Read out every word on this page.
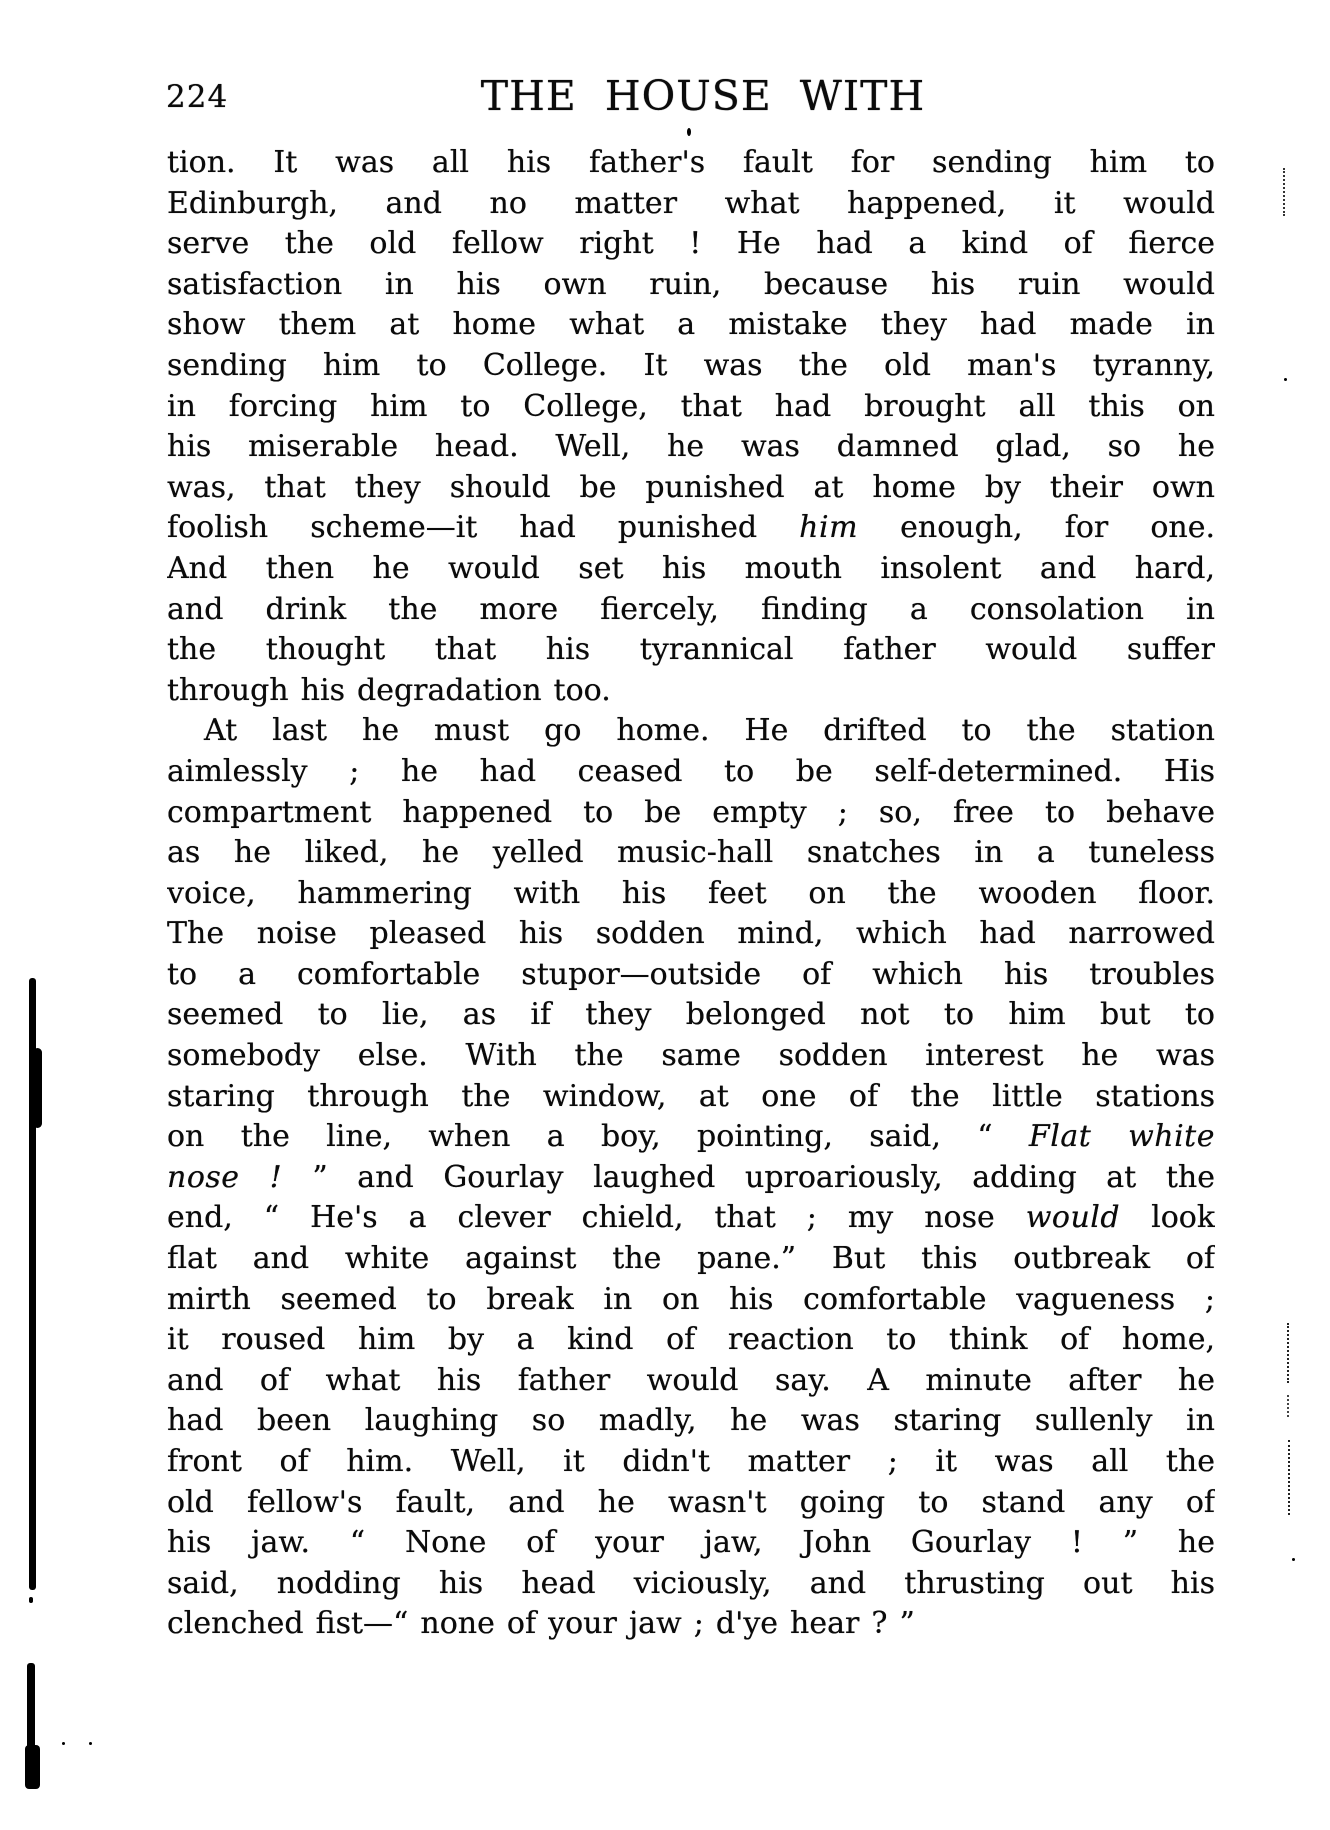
224	THE HOUSE WITH
tion. It was all his father's fault for sending him to
Edinburgh, and no matter what happened, it would
serve the old fellow right ! He had a kind of fierce
satisfaction in his own ruin, because his ruin would
show them at home what a mistake they had made in
sending him to College. It was the old man's tyranny,
in forcing him to College, that had brought all this on
his miserable head. Well, he was damned glad, so he
was, that they should be punished at home by their own
foolish scheme—it had punished him enough, for one.
And then he would set his mouth insolent and hard,
and drink the more fiercely, finding a consolation in
the thought that his tyrannical father would suffer
through his degradation too.
At last he must go home. He drifted to the station
aimlessly ; he had ceased to be self-determined. His
compartment happened to be empty ; so, free to behave
as he liked, he yelled music-hall snatches in a tuneless
voice, hammering with his feet on the wooden floor.
The noise pleased his sodden mind, which had narrowed
to a comfortable stupor—outside of which his troubles
seemed to lie, as if they belonged not to him but to
somebody else. With the same sodden interest he was
staring through the window, at one of the little stations
on the line, when a boy, pointing, said, “ Flat white
nose ! ” and Gourlay laughed uproariously, adding at the
end, “ He's a clever chield, that ; my nose would look
flat and white against the pane.” But this outbreak of
mirth seemed to break in on his comfortable vagueness ;
it roused him by a kind of reaction to think of home,
and of what his father would say. A minute after he
had been laughing so madly, he was staring sullenly in
front of him. Well, it didn't matter ; it was all the
old fellow's fault, and he wasn't going to stand any of
his jaw. “ None of your jaw, John Gourlay ! ” he
said, nodding his head viciously, and thrusting out his
clenched fist—“ none of your jaw ; d'ye hear ? ”
